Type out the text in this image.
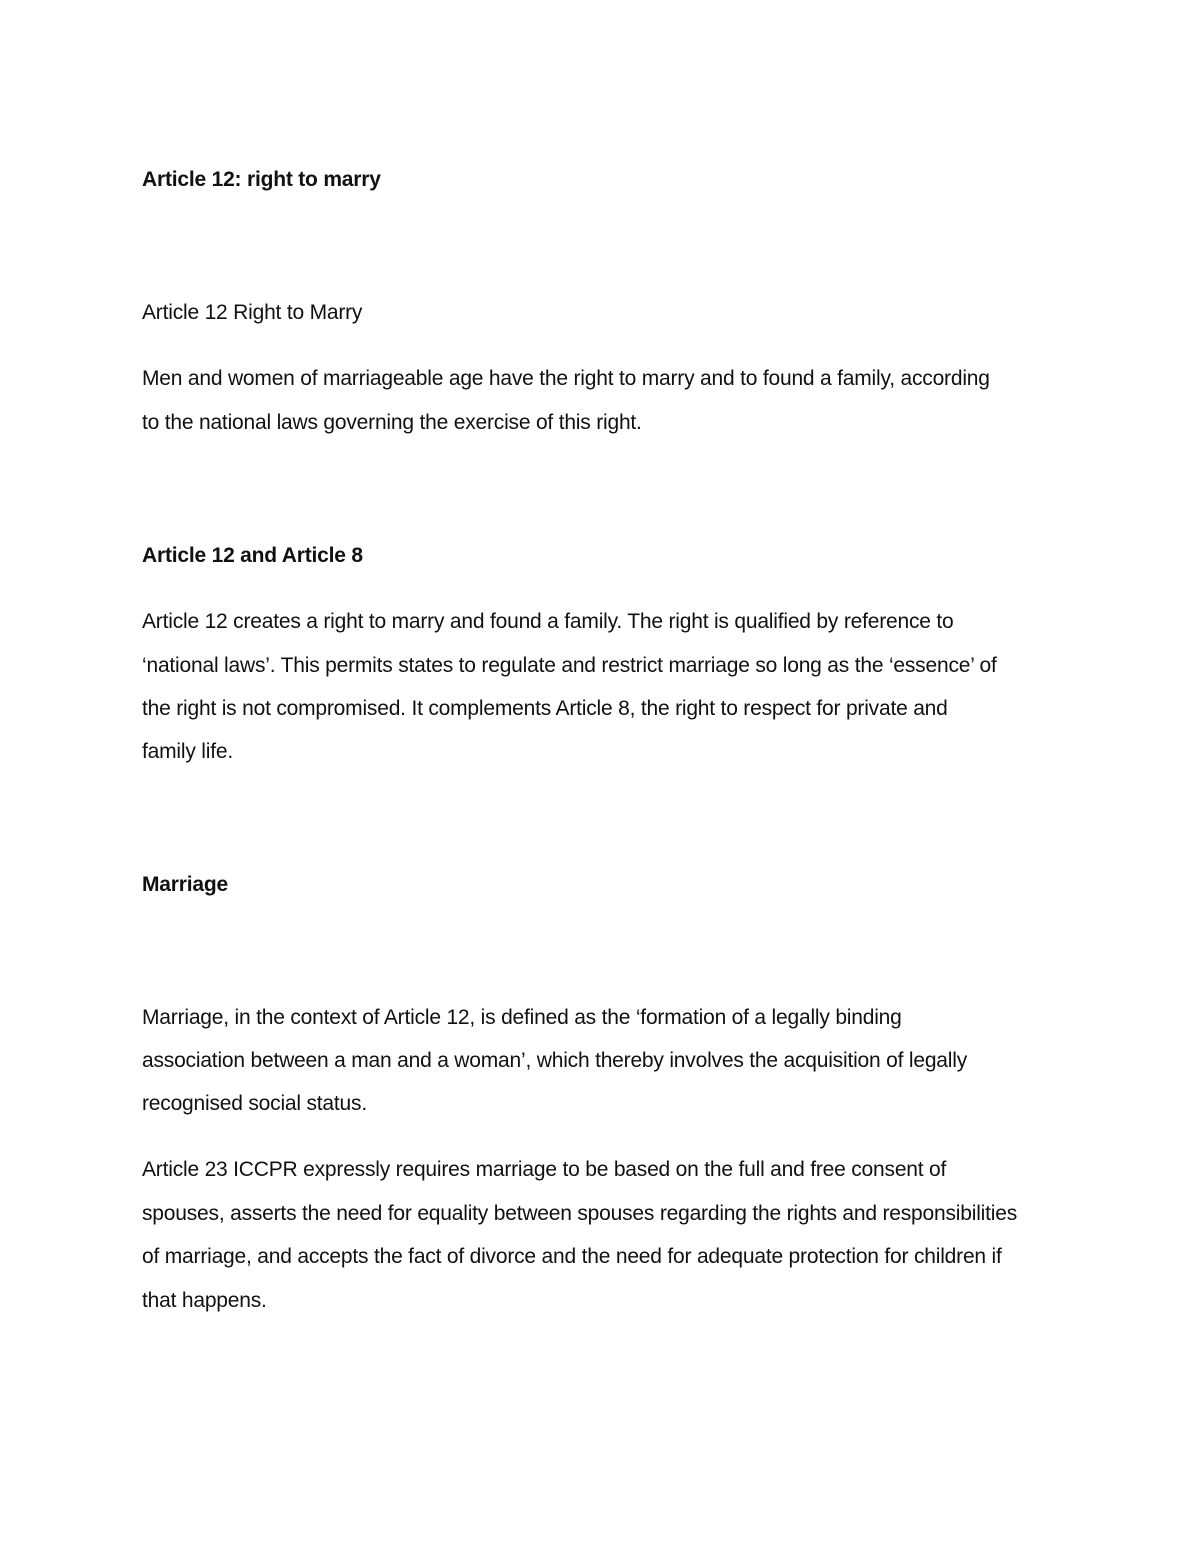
Article 12: right to marry
Article 12 Right to Marry
Men and women of marriageable age have the right to marry and to found a family, according
to the national laws governing the exercise of this right.
Article 12 and Article 8
Article 12 creates a right to marry and found a family. The right is qualified by reference to
‘national laws’. This permits states to regulate and restrict marriage so long as the ‘essence’ of
the right is not compromised. It complements Article 8, the right to respect for private and
family life.
Marriage
Marriage, in the context of Article 12, is defined as the ‘formation of a legally binding
association between a man and a woman’, which thereby involves the acquisition of legally
recognised social status.
Article 23 ICCPR expressly requires marriage to be based on the full and free consent of
spouses, asserts the need for equality between spouses regarding the rights and responsibilities
of marriage, and accepts the fact of divorce and the need for adequate protection for children if
that happens.
